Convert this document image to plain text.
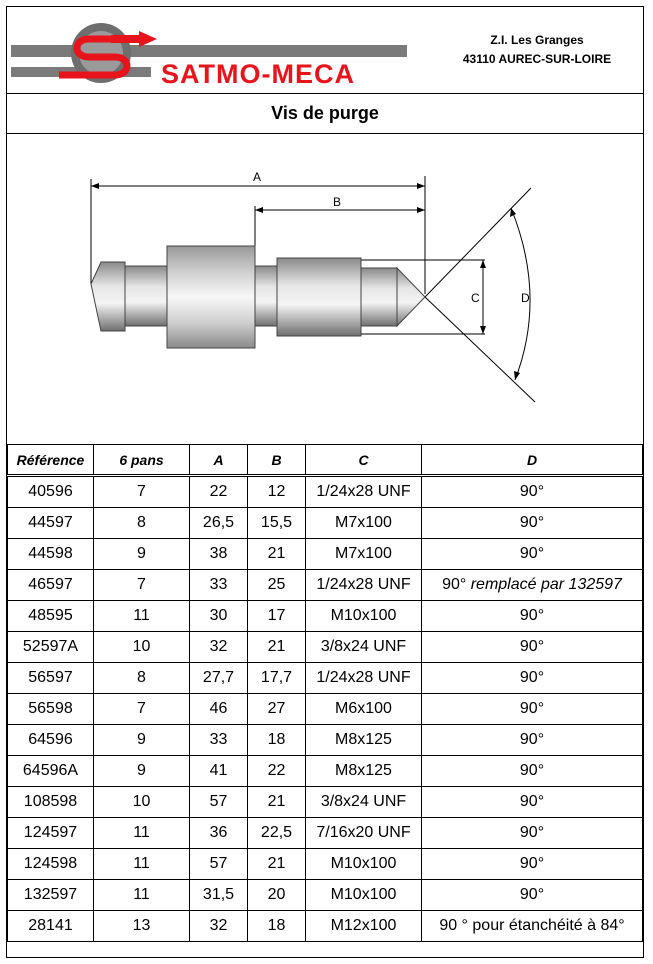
SATMO-MECA
Z.I. Les Granges
43110 AUREC-SUR-LOIRE
Vis de purge
A
B
C	D
Référence	6 pans	A	B	C	D
40596	7	22	12	1/24x28 UNF	90°
44597	8	26,5	15,5	M7x100	90°
44598	9	38	21	M7x100	90°
46597	7	33	25	1/24x28 UNF	90° remplacé par 132597
48595	11	30	17	M10x100	90°
52597A	10	32	21	3/8x24 UNF	90°
56597	8	27,7	17,7	1/24x28 UNF	90°
56598	7	46	27	M6x100	90°
64596	9	33	18	M8x125	90°
64596A	9	41	22	M8x125	90°
108598	10	57	21	3/8x24 UNF	90°
124597	11	36	22,5	7/16x20 UNF	90°
124598	11	57	21	M10x100	90°
132597	11	31,5	20	M10x100	90°
28141	13	32	18	M12x100	90 ° pour étanchéité à 84°
